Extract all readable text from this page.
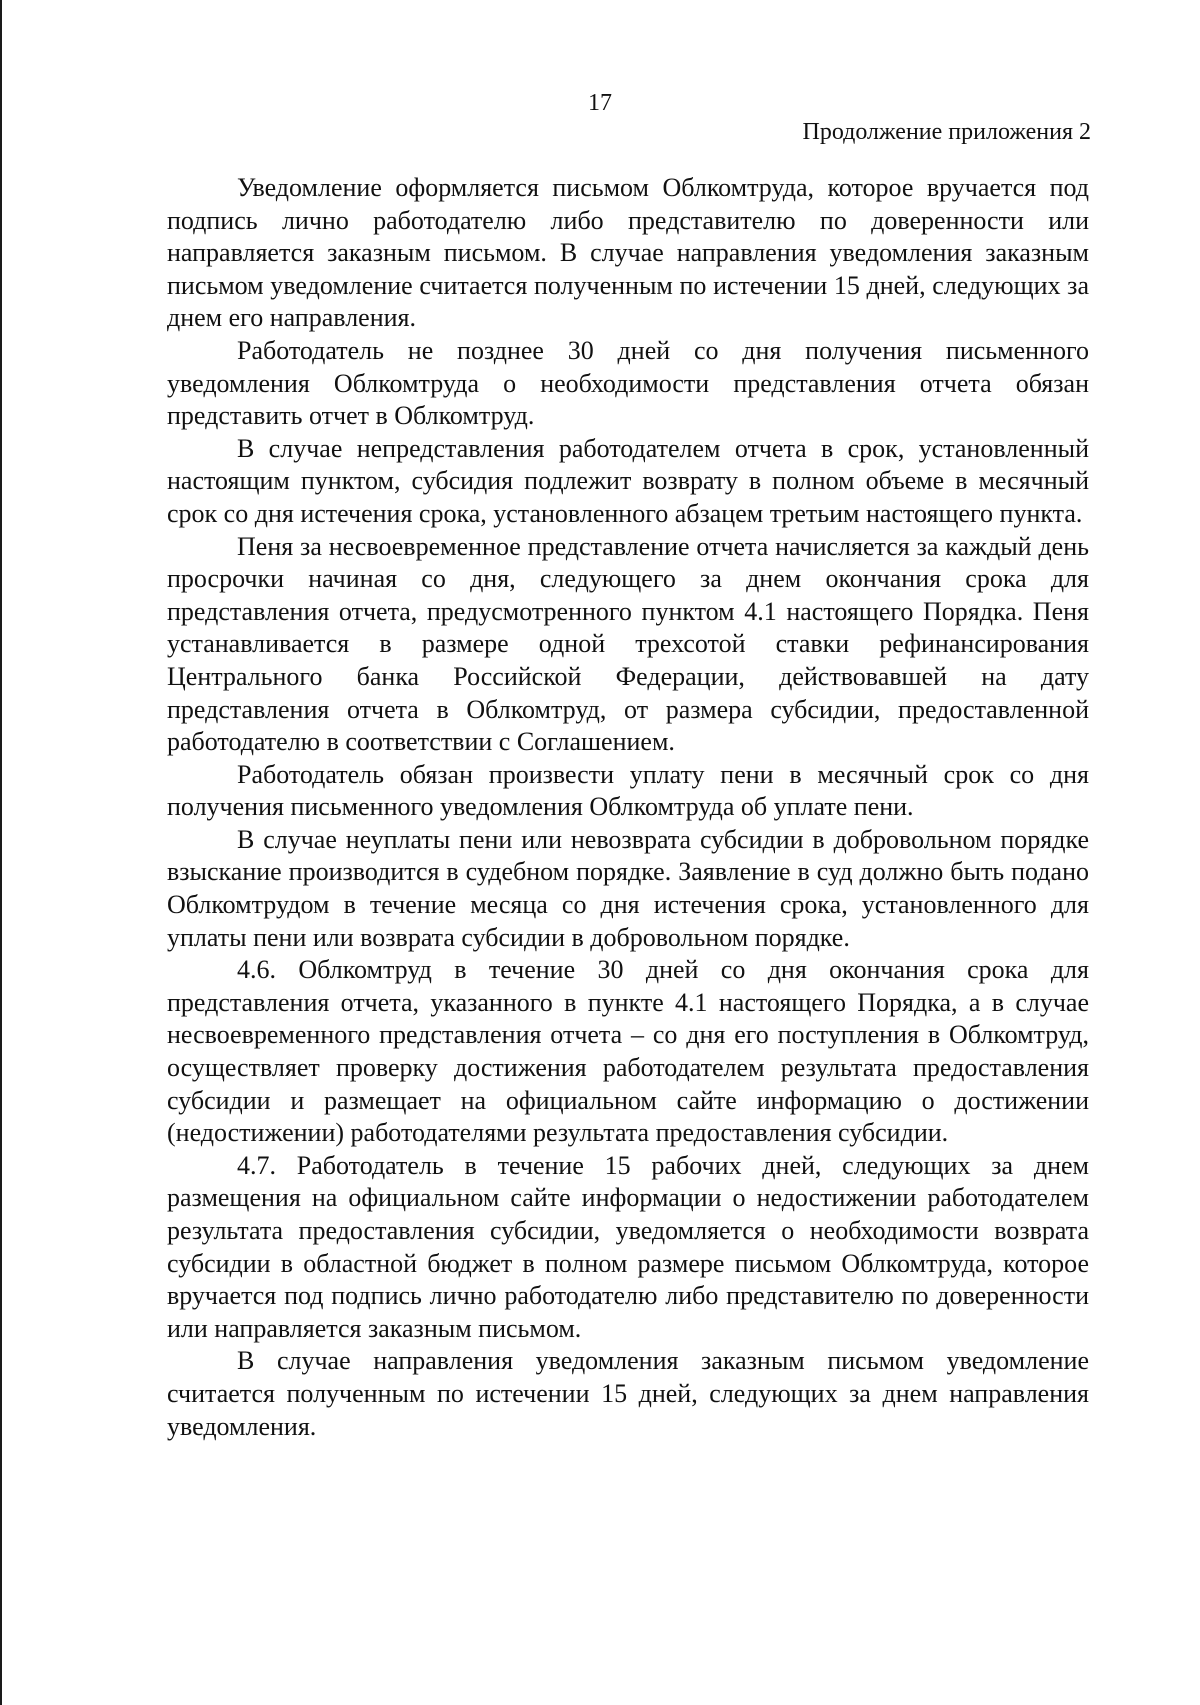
17
Продолжение приложения 2

Уведомление оформляется письмом Облкомтруда, которое вручается под подпись лично работодателю либо представителю по доверенности или направляется заказным письмом. В случае направления уведомления заказным письмом уведомление считается полученным по истечении 15 дней, следующих за днем его направления.

Работодатель не позднее 30 дней со дня получения письменного уведомления Облкомтруда о необходимости представления отчета обязан представить отчет в Облкомтруд.

В случае непредставления работодателем отчета в срок, установленный настоящим пунктом, субсидия подлежит возврату в полном объеме в месячный срок со дня истечения срока, установленного абзацем третьим настоящего пункта.

Пеня за несвоевременное представление отчета начисляется за каждый день просрочки начиная со дня, следующего за днем окончания срока для представления отчета, предусмотренного пунктом 4.1 настоящего Порядка. Пеня устанавливается в размере одной трехсотой ставки рефинансирования Центрального банка Российской Федерации, действовавшей на дату представления отчета в Облкомтруд, от размера субсидии, предоставленной работодателю в соответствии с Соглашением.

Работодатель обязан произвести уплату пени в месячный срок со дня получения письменного уведомления Облкомтруда об уплате пени.

В случае неуплаты пени или невозврата субсидии в добровольном порядке взыскание производится в судебном порядке. Заявление в суд должно быть подано Облкомтрудом в течение месяца со дня истечения срока, установленного для уплаты пени или возврата субсидии в добровольном порядке.

4.6. Облкомтруд в течение 30 дней со дня окончания срока для представления отчета, указанного в пункте 4.1 настоящего Порядка, а в случае несвоевременного представления отчета – со дня его поступления в Облкомтруд, осуществляет проверку достижения работодателем результата предоставления субсидии и размещает на официальном сайте информацию о достижении (недостижении) работодателями результата предоставления субсидии.

4.7. Работодатель в течение 15 рабочих дней, следующих за днем размещения на официальном сайте информации о недостижении работодателем результата предоставления субсидии, уведомляется о необходимости возврата субсидии в областной бюджет в полном размере письмом Облкомтруда, которое вручается под подпись лично работодателю либо представителю по доверенности или направляется заказным письмом.

В случае направления уведомления заказным письмом уведомление считается полученным по истечении 15 дней, следующих за днем направления уведомления.
